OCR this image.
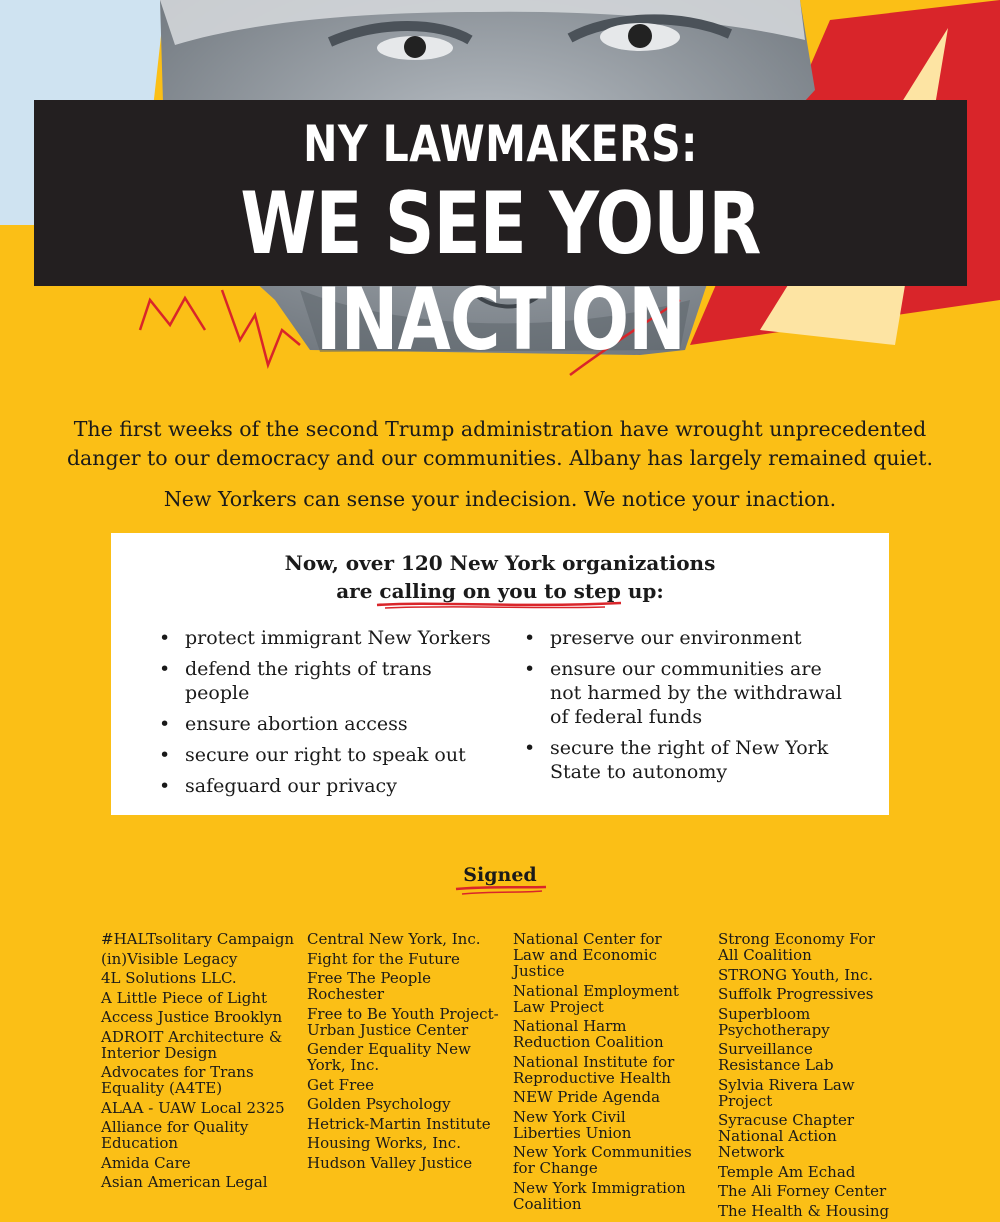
NY LAWMAKERS:
WE SEE YOUR INACTION

The first weeks of the second Trump administration have wrought unprecedented danger to our democracy and our communities. Albany has largely remained quiet.

New Yorkers can sense your indecision. We notice your inaction.

Now, over 120 New York organizations
are calling on you to step up
:
• protect immigrant New Yorkers
• defend the rights of trans people
• ensure abortion access
• secure our right to speak out
• safeguard our privacy
• preserve our environment
• ensure our communities are not harmed by the withdrawal of federal funds
• secure the right of New York State to autonomy
Signed
#HALTsolitary Campaign
(in)Visible Legacy
4L Solutions LLC.
A Little Piece of Light
Access Justice Brooklyn
ADROIT Architecture & Interior Design
Advocates for Trans Equality (A4TE)
ALAA - UAW Local 2325
Alliance for Quality Education
Amida Care
Asian American Legal
Central New York, Inc.
Fight for the Future
Free The People Rochester
Free to Be Youth Project-Urban Justice Center
Gender Equality New York, Inc.
Get Free
Golden Psychology
Hetrick-Martin Institute
Housing Works, Inc.
Hudson Valley Justice
National Center for Law and Economic Justice
National Employment Law Project
National Harm Reduction Coalition
National Institute for Reproductive Health
NEW Pride Agenda
New York Civil Liberties Union
New York Communities for Change
New York Immigration Coalition
Strong Economy For All Coalition
STRONG Youth, Inc.
Suffolk Progressives
Superbloom Psychotherapy
Surveillance Resistance Lab
Sylvia Rivera Law Project
Syracuse Chapter National Action Network
Temple Am Echad
The Ali Forney Center
The Health & Housing
